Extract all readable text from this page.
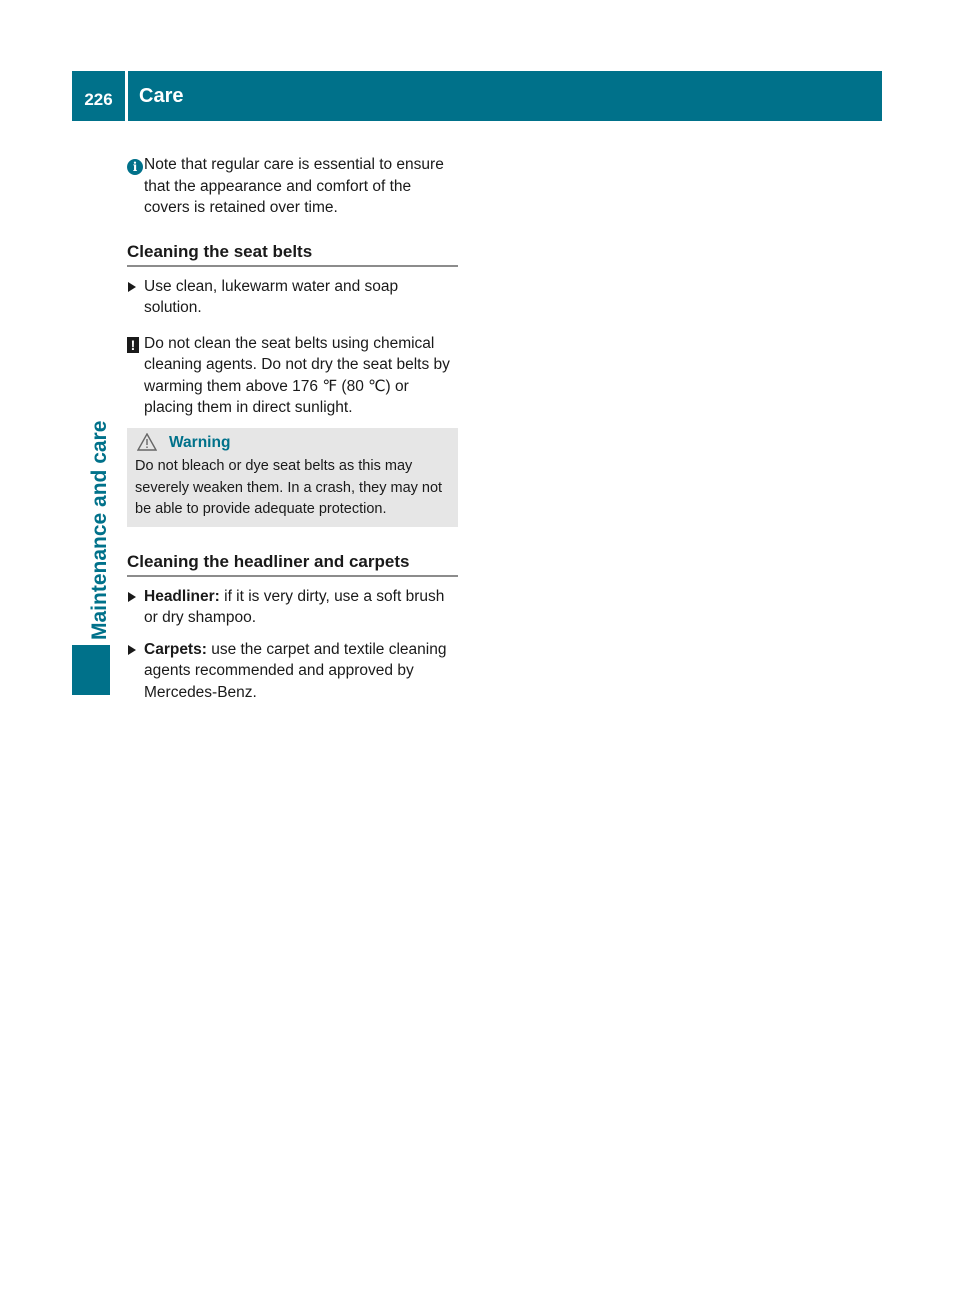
226	Care
Maintenance and care

i Note that regular care is essential to ensure that the appearance and comfort of the covers is retained over time.

Cleaning the seat belts

Use clean, lukewarm water and soap solution.

! Do not clean the seat belts using chemical cleaning agents. Do not dry the seat belts by warming them above 176 ℉ (80 ℃) or placing them in direct sunlight.

Warning
Do not bleach or dye seat belts as this may severely weaken them. In a crash, they may not be able to provide adequate protection.
Cleaning the headliner and carpets

Headliner: if it is very dirty, use a soft brush or dry shampoo.

Carpets: use the carpet and textile cleaning agents recommended and approved by Mercedes-Benz.
